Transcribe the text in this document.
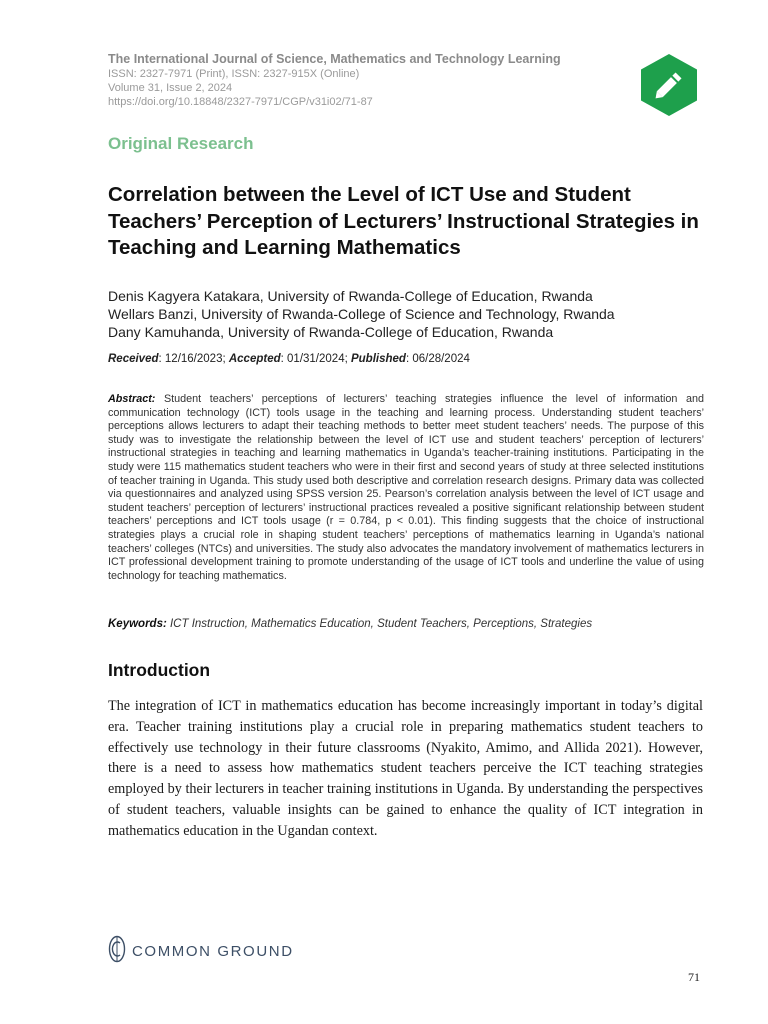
The International Journal of Science, Mathematics and Technology Learning
ISSN: 2327-7971 (Print), ISSN: 2327-915X (Online)
Volume 31, Issue 2, 2024
https://doi.org/10.18848/2327-7971/CGP/v31i02/71-87
Original Research
Correlation between the Level of ICT Use and Student Teachers’ Perception of Lecturers’ Instructional Strategies in Teaching and Learning Mathematics
Denis Kagyera Katakara, University of Rwanda-College of Education, Rwanda
Wellars Banzi, University of Rwanda-College of Science and Technology, Rwanda
Dany Kamuhanda, University of Rwanda-College of Education, Rwanda
Received: 12/16/2023; Accepted: 01/31/2024; Published: 06/28/2024
Abstract: Student teachers’ perceptions of lecturers’ teaching strategies influence the level of information and communication technology (ICT) tools usage in the teaching and learning process. Understanding student teachers’ perceptions allows lecturers to adapt their teaching methods to better meet student teachers’ needs. The purpose of this study was to investigate the relationship between the level of ICT use and student teachers’ perception of lecturers’ instructional strategies in teaching and learning mathematics in Uganda’s teacher-training institutions. Participating in the study were 115 mathematics student teachers who were in their first and second years of study at three selected institutions of teacher training in Uganda. This study used both descriptive and correlation research designs. Primary data was collected via questionnaires and analyzed using SPSS version 25. Pearson’s correlation analysis between the level of ICT usage and student teachers’ perception of lecturers’ instructional practices revealed a positive significant relationship between student teachers’ perceptions and ICT tools usage (r = 0.784, p < 0.01). This finding suggests that the choice of instructional strategies plays a crucial role in shaping student teachers’ perceptions of mathematics learning in Uganda’s national teachers’ colleges (NTCs) and universities. The study also advocates the mandatory involvement of mathematics lecturers in ICT professional development training to promote understanding of the usage of ICT tools and underline the value of using technology for teaching mathematics.
Keywords: ICT Instruction, Mathematics Education, Student Teachers, Perceptions, Strategies
Introduction
The integration of ICT in mathematics education has become increasingly important in today’s digital era. Teacher training institutions play a crucial role in preparing mathematics student teachers to effectively use technology in their future classrooms (Nyakito, Amimo, and Allida 2021). However, there is a need to assess how mathematics student teachers perceive the ICT teaching strategies employed by their lecturers in teacher training institutions in Uganda. By understanding the perspectives of student teachers, valuable insights can be gained to enhance the quality of ICT integration in mathematics education in the Ugandan context.
COMMON GROUND
71
